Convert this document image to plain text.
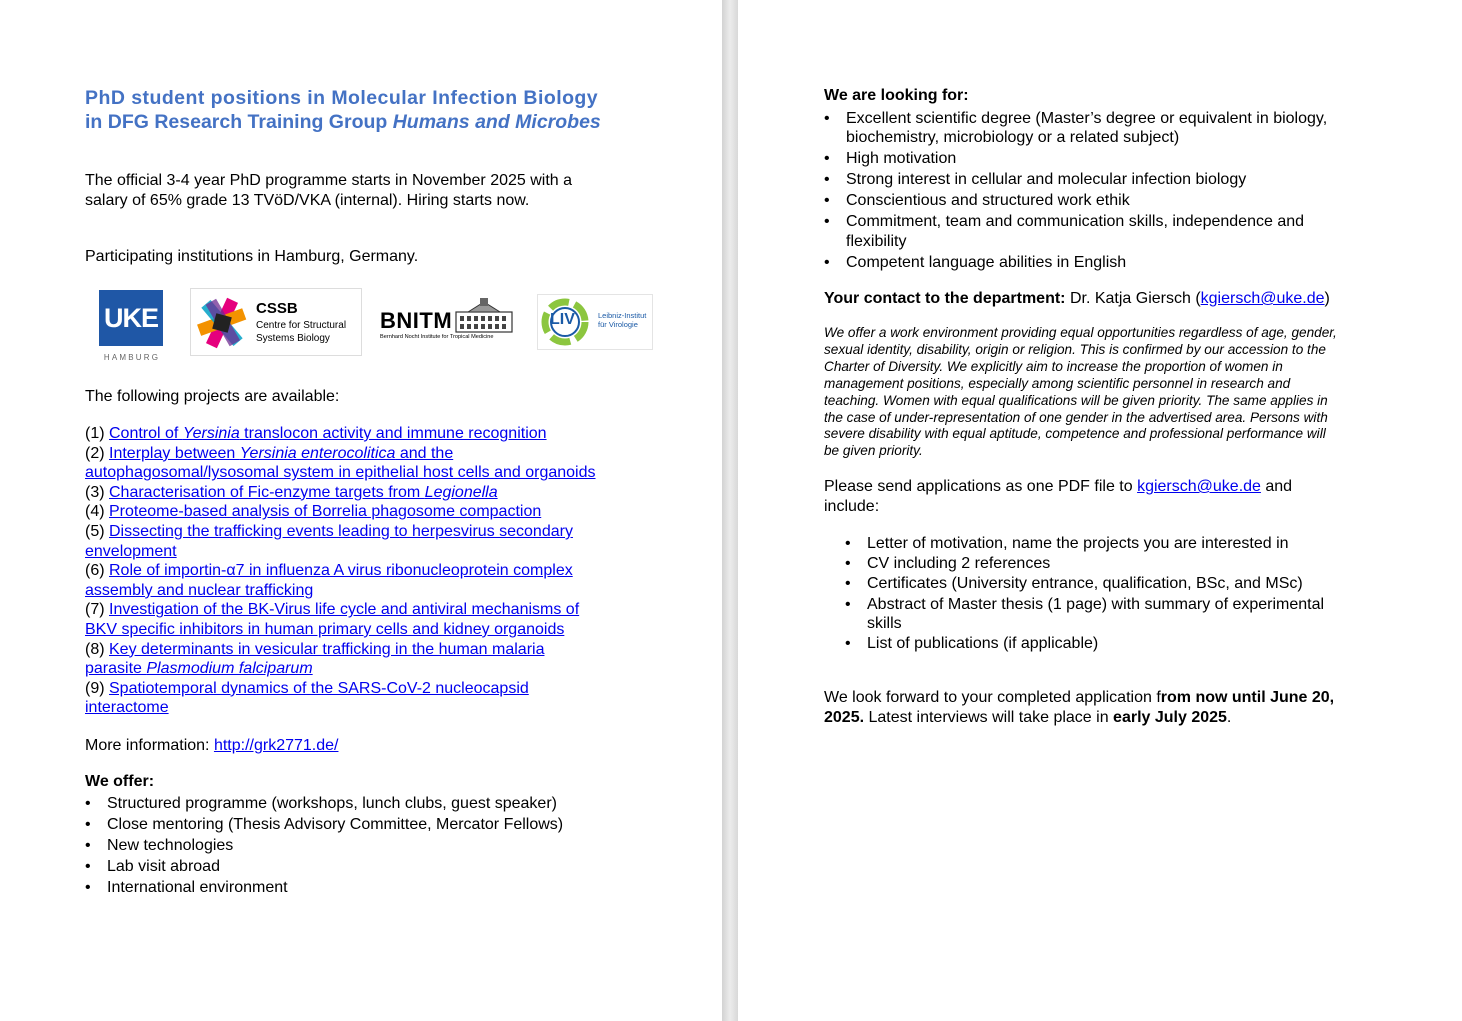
PhD student positions in Molecular Infection Biology
in DFG Research Training Group Humans and Microbes
The official 3-4 year PhD programme starts in November 2025 with a
salary of 65% grade 13 TVöD/VKA (internal). Hiring starts now.
Participating institutions in Hamburg, Germany.
UKE
HAMBURG
CSSB
Centre for Structural
Systems Biology
BNITM
Bernhard Nocht Institute for Tropical Medicine
LIV	Leibniz-Institut
für Virologie
The following projects are available:
(1) Control of Yersinia translocon activity and immune recognition
(2) Interplay between Yersinia enterocolitica and the
autophagosomal/lysosomal system in epithelial host cells and organoids
(3) Characterisation of Fic-enzyme targets from Legionella
(4) Proteome-based analysis of Borrelia phagosome compaction
(5) Dissecting the trafficking events leading to herpesvirus secondary
envelopment
(6) Role of importin-α7 in influenza A virus ribonucleoprotein complex
assembly and nuclear trafficking
(7) Investigation of the BK-Virus life cycle and antiviral mechanisms of
BKV specific inhibitors in human primary cells and kidney organoids
(8) Key determinants in vesicular trafficking in the human malaria
parasite Plasmodium falciparum
(9) Spatiotemporal dynamics of the SARS-CoV-2 nucleocapsid
interactome
More information: http://grk2771.de/
We offer:
• Structured programme (workshops, lunch clubs, guest speaker)
• Close mentoring (Thesis Advisory Committee, Mercator Fellows)
• New technologies
• Lab visit abroad
• International environment
We are looking for:
• Excellent scientific degree (Master’s degree or equivalent in biology,
biochemistry, microbiology or a related subject)
• High motivation
• Strong interest in cellular and molecular infection biology
• Conscientious and structured work ethik
• Commitment, team and communication skills, independence and
flexibility
• Competent language abilities in English
Your contact to the department: Dr. Katja Giersch (kgiersch@uke.de)
We offer a work environment providing equal opportunities regardless of age, gender,
sexual identity, disability, origin or religion. This is confirmed by our accession to the
Charter of Diversity. We explicitly aim to increase the proportion of women in
management positions, especially among scientific personnel in research and
teaching. Women with equal qualifications will be given priority. The same applies in
the case of under-representation of one gender in the advertised area. Persons with
severe disability with equal aptitude, competence and professional performance will
be given priority.
Please send applications as one PDF file to kgiersch@uke.de and
include:
• Letter of motivation, name the projects you are interested in
• CV including 2 references
• Certificates (University entrance, qualification, BSc, and MSc)
• Abstract of Master thesis (1 page) with summary of experimental
skills
• List of publications (if applicable)
We look forward to your completed application from now until June 20,
2025. Latest interviews will take place in early July 2025.
